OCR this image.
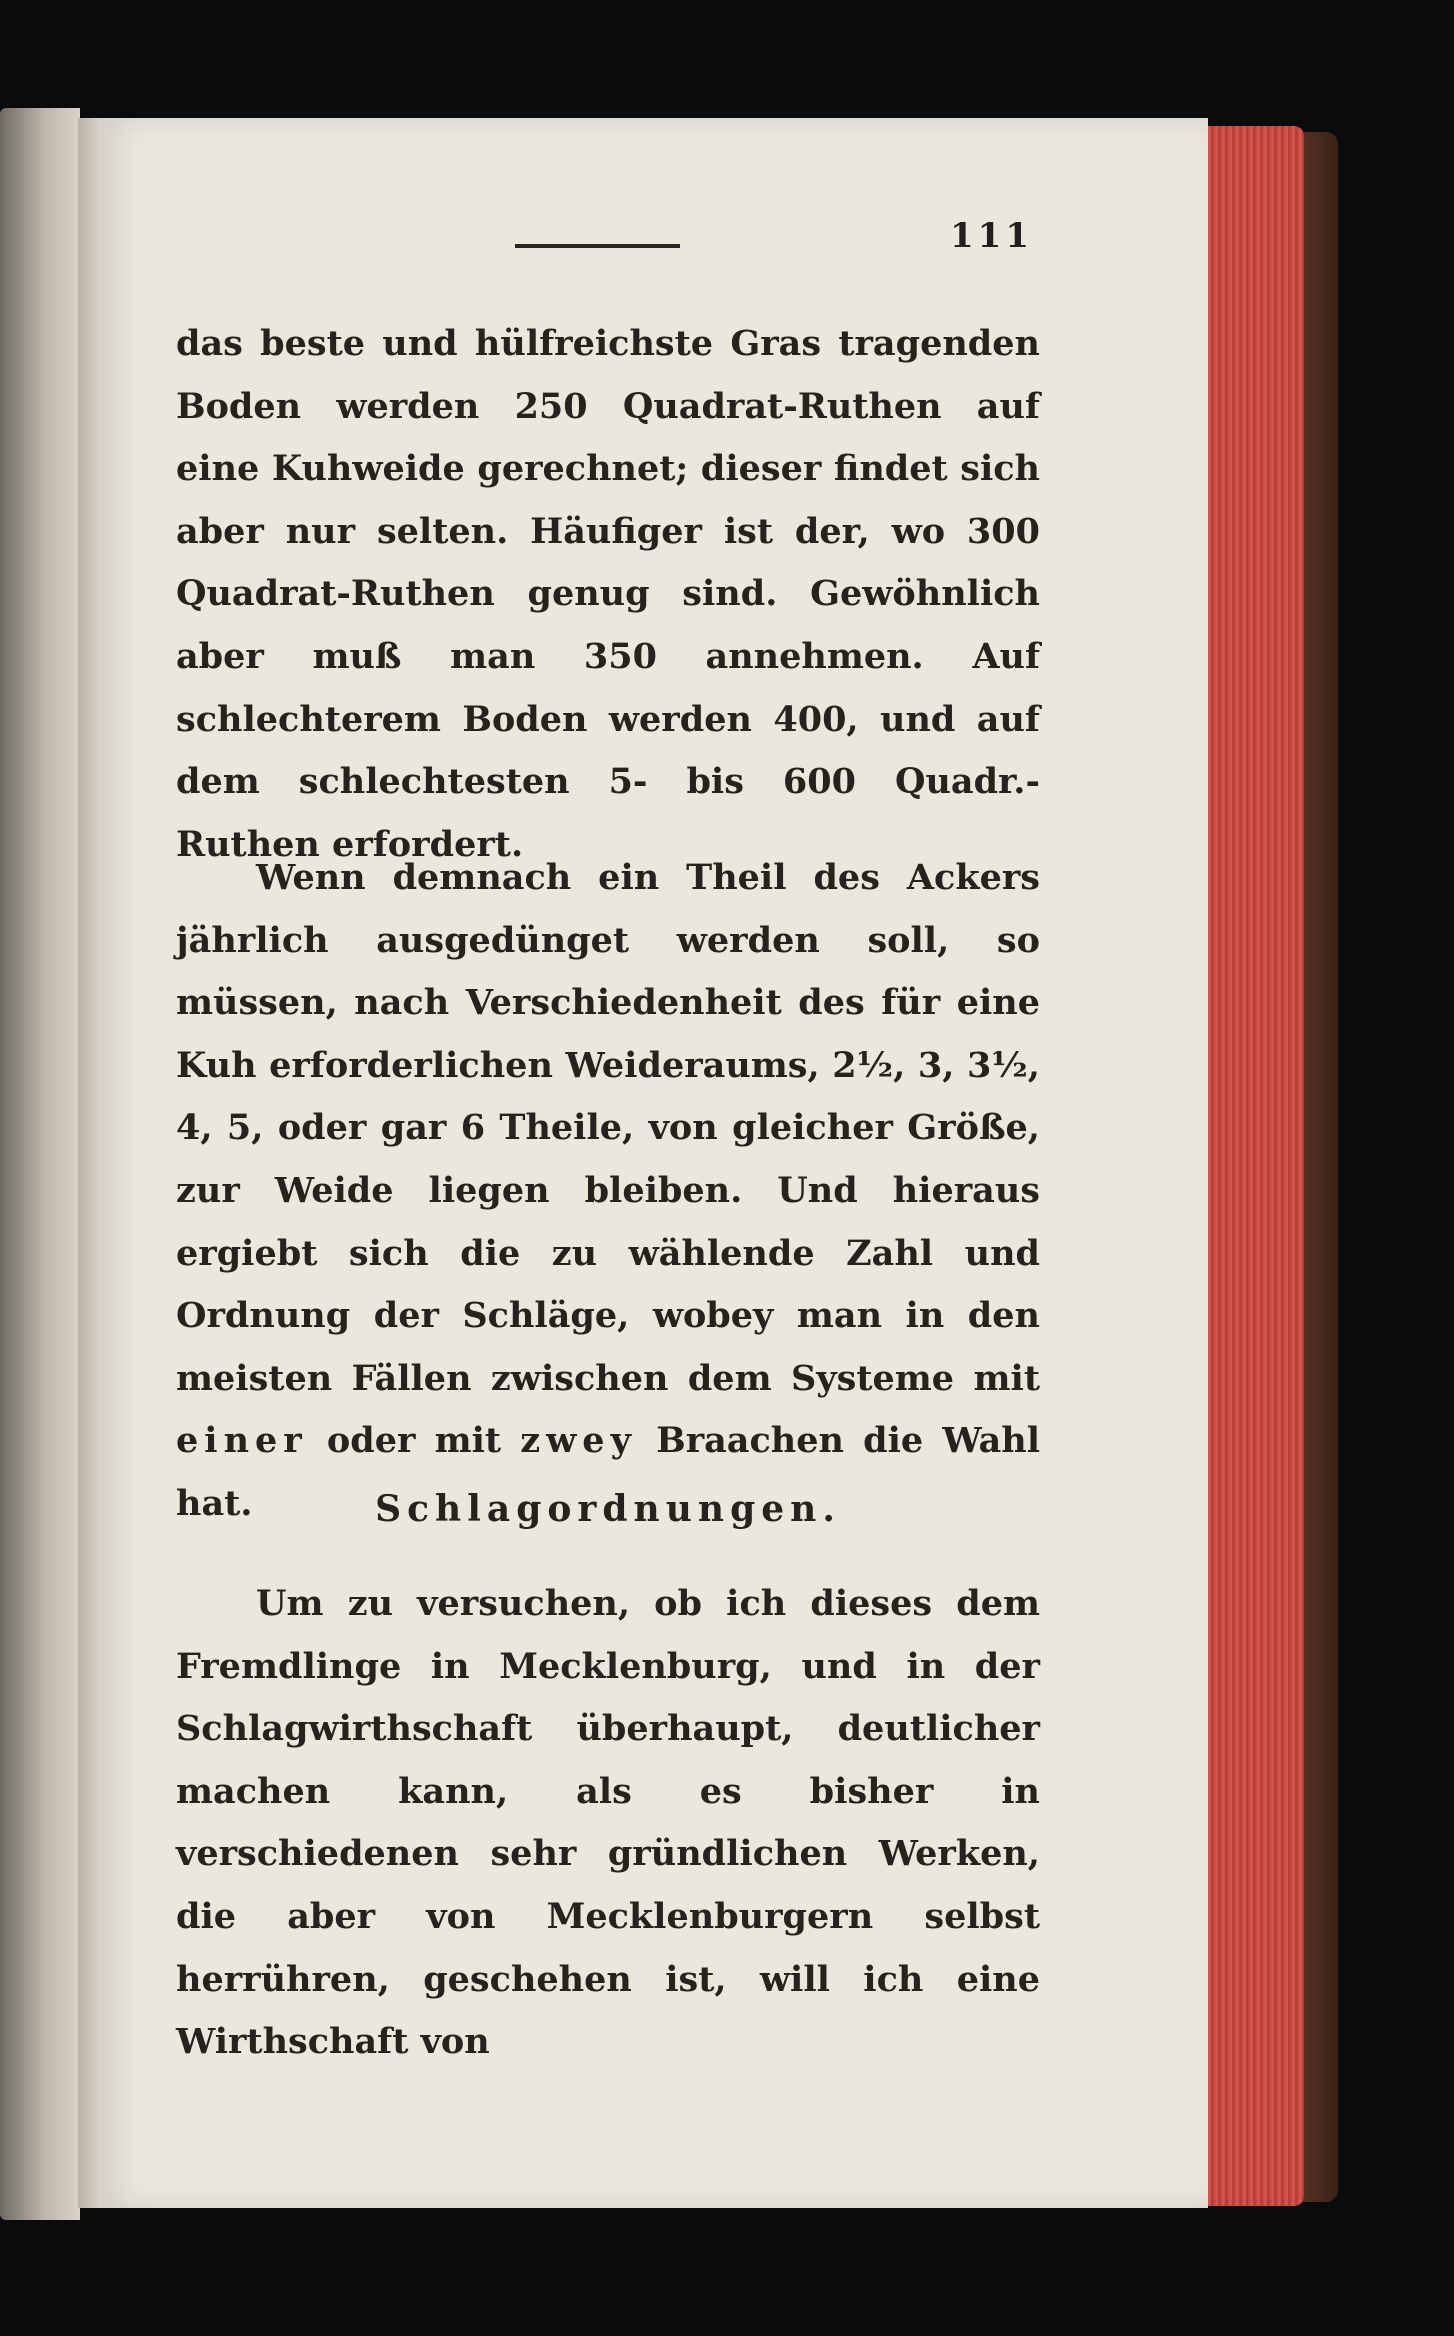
111
das beste und hülfreichste Gras tragenden Boden werden 250 Quadrat-Ruthen auf eine Kuhweide gerechnet; dieser findet sich aber nur selten. Häufiger ist der, wo 300 Quadrat-Ruthen genug sind. Gewöhnlich aber muß man 350 annehmen. Auf schlechterem Boden werden 400, und auf dem schlechtesten 5- bis 600 Quadr.-Ruthen erfordert.
Wenn demnach ein Theil des Ackers jährlich ausgedünget werden soll, so müssen, nach Verschiedenheit des für eine Kuh erforderlichen Weideraums, 2½, 3, 3½, 4, 5, oder gar 6 Theile, von gleicher Größe, zur Weide liegen bleiben. Und hieraus ergiebt sich die zu wählende Zahl und Ordnung der Schläge, wobey man in den meisten Fällen zwischen dem Systeme mit einer oder mit zwey Braachen die Wahl hat.	Schlagordnungen.
Um zu versuchen, ob ich dieses dem Fremdlinge in Mecklenburg, und in der Schlagwirthschaft überhaupt, deutlicher machen kann, als es bisher in verschiedenen sehr gründlichen Werken, die aber von Mecklenburgern selbst herrühren, geschehen ist, will ich eine Wirthschaft von
